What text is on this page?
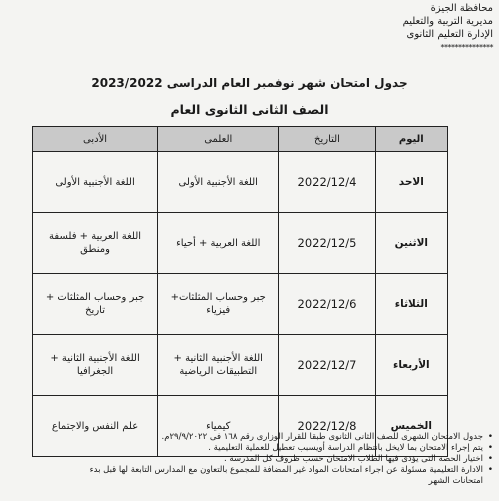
محافظة الجيزة
مديرية التربية والتعليم
الإدارة التعليم الثانوى
***************
جدول امتحان شهر نوفمبر العام الدراسى 2023/2022
الصف الثانى الثانوى العام
اليوم	التاريخ	العلمى	الأدبى
الاحد	2022/12/4	اللغة الأجنبية الأولى	اللغة الأجنبية الأولى
الاثنين	2022/12/5	اللغة العربية + أحياء	اللغة العربية + فلسفة ومنطق
الثلاثاء	2022/12/6	جبر وحساب المثلثات+ فيزياء	جبر وحساب المثلثات + تاريخ
الأربعاء	2022/12/7	اللغة الأجنبية الثانية + التطبيقات الرياضية	اللغة الأجنبية الثانية + الجغرافيا
الخميس	2022/12/8	كيمياء	علم النفس والاجتماع
• جدول الامتحان الشهرى للصف الثانى الثانوى طبقا للقرار الوزارى رقم ١٦٨ فى ٢٩/٩/٢٠٢٢م.
• يتم إجراء الامتحان بما لايخل بانتظام الدراسة أويسبب تعطيل للعملية التعليمية .
• اختيار الحصة التى يؤدى فيها الطلاب الامتحان حسب ظروف كل المدرسة .
• الادارة التعليمية مسئولة عن اجراء امتحانات المواد غير المضافة للمجموع بالتعاون مع المدارس التابعة لها قبل بدء
امتحانات الشهر
